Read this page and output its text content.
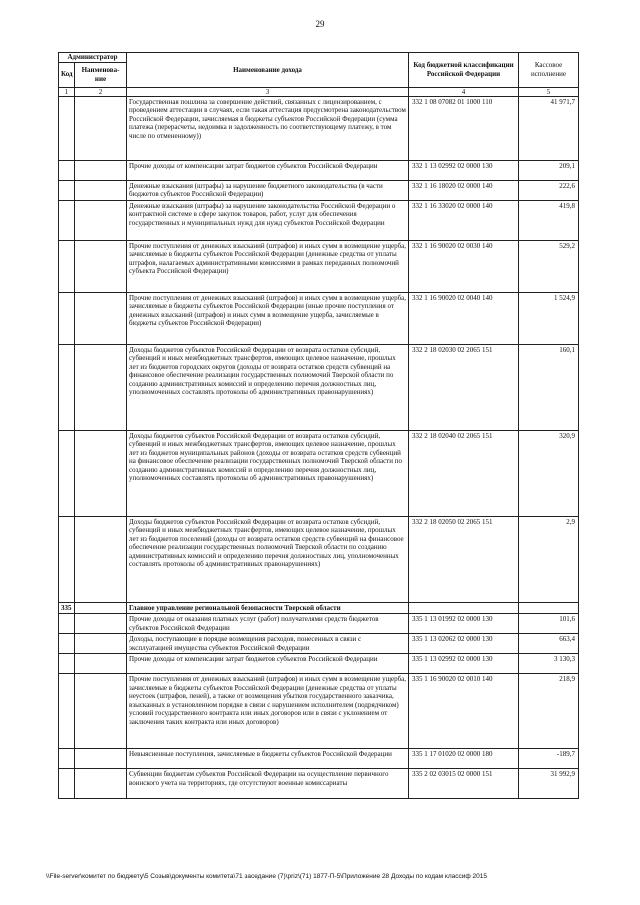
29
Администратор		Наименование дохода	Код бюджетной классификации Российской Федерации	Кассовое исполнение
Код	Наименова-ние			
1	2	3	4	5
		Государственная пошлина за совершение действий, связанных с лицензированием, с проведением аттестации в случаях, если такая аттестация предусмотрена законодательством Российской Федерации, зачисляемая в бюджеты субъектов Российской Федерации (сумма платежа (перерасчеты, недоимка и задолженность по соответствующему платежу, в том числе по отмененному))	332 1 08 07082 01 1000 110	41 971,7
		Прочие доходы от компенсации затрат бюджетов субъектов Российской Федерации	332 1 13 02992 02 0000 130	209,1
		Денежные взыскания (штрафы) за нарушение бюджетного законодательства (в части бюджетов субъектов Российской Федерации)	332 1 16 18020 02 0000 140	222,6
		Денежные взыскания (штрафы) за нарушение законодательства Российской Федерации о контрактной системе в сфере закупок товаров, работ, услуг для обеспечения государственных и муниципальных нужд для нужд субъектов Российской Федерации	332 1 16 33020 02 0000 140	419,8
		Прочие поступления от денежных взысканий (штрафов) и иных сумм в возмещение ущерба, зачисляемые в бюджеты субъектов Российской Федерации (денежные средства от уплаты штрафов, налагаемых административными комиссиями в рамках переданных полномочий субъекта Российской Федерации)	332 1 16 90020 02 0030 140	529,2
		Прочие поступления от денежных взысканий (штрафов) и иных сумм в возмещение ущерба, зачисляемые в бюджеты субъектов Российской Федерации (иные прочие поступления от денежных взысканий (штрафов) и иных сумм в возмещение ущерба, зачисляемые в бюджеты субъектов Российской Федерации)	332 1 16 90020 02 0040 140	1 524,9
		Доходы бюджетов субъектов Российской Федерации от возврата остатков субсидий, субвенций и иных межбюджетных трансфертов, имеющих целевое назначение, прошлых лет из бюджетов городских округов (доходы от возврата остатков средств субвенций на финансовое обеспечение реализации государственных полномочий Тверской области по созданию административных комиссий и определению перечня должностных лиц, уполномоченных составлять протоколы об административных правонарушениях)	332 2 18 02030 02 2065 151	160,1
		Доходы бюджетов субъектов Российской Федерации от возврата остатков субсидий, субвенций и иных межбюджетных трансфертов, имеющих целевое назначение, прошлых лет из бюджетов муниципальных районов (доходы от возврата остатков средств субвенций на финансовое обеспечение реализации государственных полномочий Тверской области по созданию административных комиссий и определению перечня должностных лиц, уполномоченных составлять протоколы об административных правонарушениях)	332 2 18 02040 02 2065 151	320,9
		Доходы бюджетов субъектов Российской Федерации от возврата остатков субсидий, субвенций и иных межбюджетных трансфертов, имеющих целевое назначение, прошлых лет из бюджетов поселений (доходы от возврата остатков средств субвенций на финансовое обеспечение реализации государственных полномочий Тверской области по созданию административных комиссий и определению перечня должностных лиц, уполномоченных составлять протоколы об административных правонарушениях)	332 2 18 02050 02 2065 151	2,9
335		Главное управление региональной безопасности Тверской области		
		Прочие доходы от оказания платных услуг (работ) получателями средств бюджетов субъектов Российской Федерации	335 1 13 01992 02 0000 130	101,6
		Доходы, поступающие в порядке возмещения расходов, понесенных в связи с эксплуатацией имущества субъектов Российской Федерации	335 1 13 02062 02 0000 130	663,4
		Прочие доходы от компенсации затрат бюджетов субъектов Российской Федерации	335 1 13 02992 02 0000 130	3 130,3
		Прочие поступления от денежных взысканий (штрафов) и иных сумм в возмещение ущерба, зачисляемые в бюджеты субъектов Российской Федерации (денежные средства от уплаты неустоек (штрафов, пеней), а также от возмещения убытков государственного заказчика, взысканных в установленном порядке в связи с нарушением исполнителем (подрядчиком) условий государственного контракта или иных договоров или в связи с уклонением от заключения таких контракта или иных договоров)	335 1 16 90020 02 0010 140	218,9
		Невыясненные поступления, зачисляемые в бюджеты субъектов Российской Федерации	335 1 17 01020 02 0000 180	-189,7
		Субвенции бюджетам субъектов Российской Федерации на осуществление первичного воинского учета на территориях, где отсутствуют военные комиссариаты	335 2 02 03015 02 0000 151	31 992,9
\\File-server\комитет по бюджету\5 Созыв\документы комитета\71 заседание (7)\priz\(71) 1877-П-5\Приложение 28 Доходы по кодам классиф 2015
